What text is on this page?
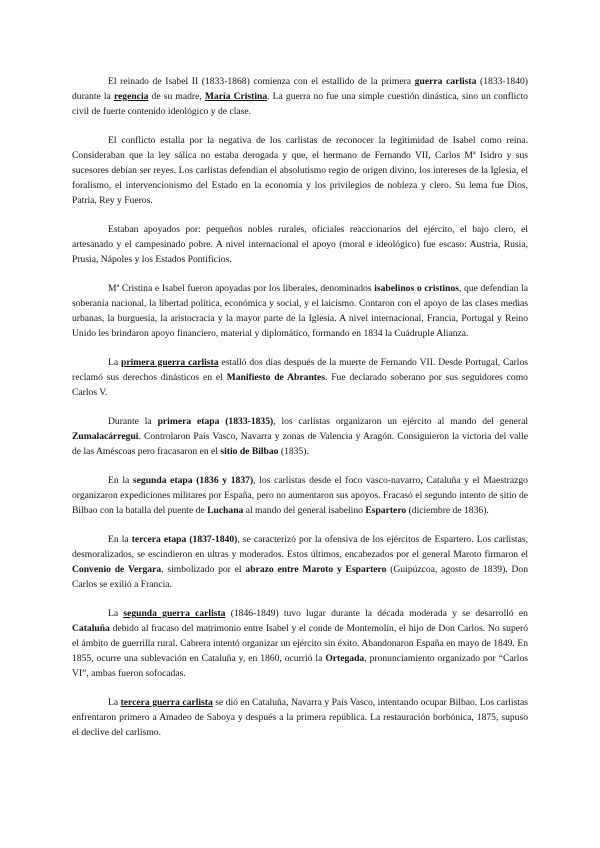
El reinado de Isabel II (1833-1868) comienza con el estallido de la primera guerra carlista (1833-1840) durante la regencia de su madre, María Cristina. La guerra no fue una simple cuestión dinástica, sino un conflicto civil de fuerte contenido ideológico y de clase.

El conflicto estalla por la negativa de los carlistas de reconocer la legitimidad de Isabel como reina. Consideraban que la ley sálica no estaba derogada y que, el hermano de Fernando VII, Carlos Mª Isidro y sus sucesores debían ser reyes. Los carlistas defendían el absolutismo regio de origen divino, los intereses de la Iglesia, el foralismo, el intervencionismo del Estado en la economía y los privilegios de nobleza y clero. Su lema fue Dios, Patria, Rey y Fueros.

Estaban apoyados por: pequeños nobles rurales, oficiales reaccionarios del ejército, el bajo clero, el artesanado y el campesinado pobre. A nivel internacional el apoyo (moral e ideológico) fue escaso: Austria, Rusia, Prusia, Nápoles y los Estados Pontificios.

Mª Cristina e Isabel fueron apoyadas por los liberales, denominados isabelinos o cristinos, que defendían la soberanía nacional, la libertad política, económica y social, y el laicismo. Contaron con el apoyo de las clases medias urbanas, la burguesía, la aristocracia y la mayor parte de la Iglesia. A nivel internacional, Francia, Portugal y Reino Unido les brindaron apoyo financiero, material y diplomático, formando en 1834 la Cuádruple Alianza.

La primera guerra carlista estalló dos días después de la muerte de Fernando VII. Desde Portugal, Carlos reclamó sus derechos dinásticos en el Manifiesto de Abrantes. Fue declarado soberano por sus seguidores como Carlos V.

Durante la primera etapa (1833-1835), los carlistas organizaron un ejército al mando del general Zumalacárregui. Controlaron País Vasco, Navarra y zonas de Valencia y Aragón. Consiguieron la victoria del valle de las Améscoas pero fracasaron en el sitio de Bilbao (1835).

En la segunda etapa (1836 y 1837), los carlistas desde el foco vasco-navarro, Cataluña y el Maestrazgo organizaron expediciones militares por España, pero no aumentaron sus apoyos. Fracasó el segundo intento de sitio de Bilbao con la batalla del puente de Luchana al mando del general isabelino Espartero (diciembre de 1836).

En la tercera etapa (1837-1840), se caracterizó por la ofensiva de los ejércitos de Espartero. Los carlistas, desmoralizados, se escindieron en ultras y moderados. Estos últimos, encabezados por el general Maroto firmaron el Convenio de Vergara, simbolizado por el abrazo entre Maroto y Espartero (Guipúzcoa, agosto de 1839). Don Carlos se exilió a Francia.

La segunda guerra carlista (1846-1849) tuvo lugar durante la década moderada y se desarrolló en Cataluña debido al fracaso del matrimonio entre Isabel y el conde de Montemolín, el hijo de Don Carlos. No superó el ámbito de guerrilla rural. Cabrera intentó organizar un ejército sin éxito. Abandonaron España en mayo de 1849. En 1855, ocurre una sublevación en Cataluña y, en 1860, ocurrió la Ortegada, pronunciamiento organizado por “Carlos VI”, ambas fueron sofocadas.

La tercera guerra carlista se dió en Cataluña, Navarra y País Vasco, intentando ocupar Bilbao. Los carlistas enfrentaron primero a Amadeo de Saboya y después a la primera república. La restauración borbónica, 1875, supuso el declive del carlismo.
